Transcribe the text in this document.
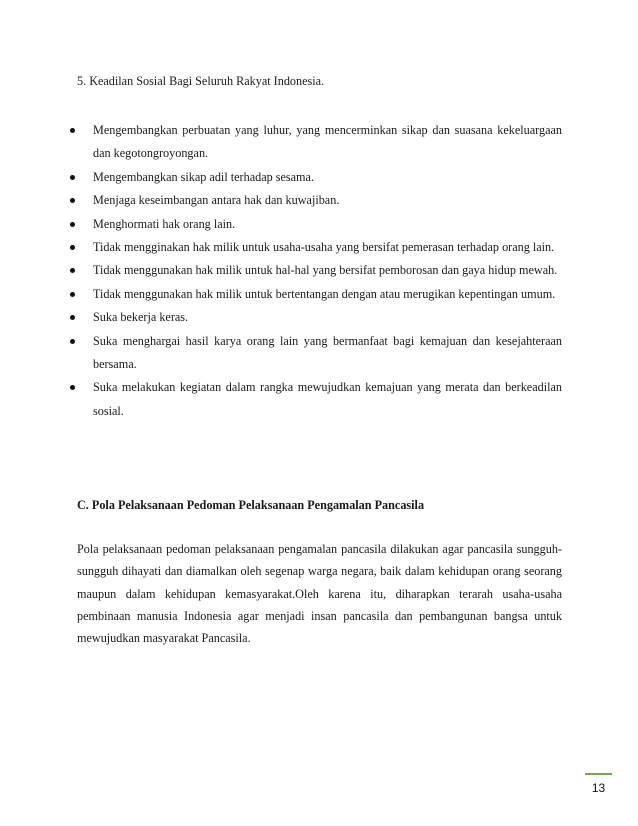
5. Keadilan Sosial Bagi Seluruh Rakyat Indonesia.

Mengembangkan perbuatan yang luhur, yang mencerminkan sikap dan suasana kekeluargaan dan kegotongroyongan.
Mengembangkan sikap adil terhadap sesama.
Menjaga keseimbangan antara hak dan kuwajiban.
Menghormati hak orang lain.
Tidak mengginakan hak milik untuk usaha-usaha yang bersifat pemerasan terhadap orang lain.
Tidak menggunakan hak milik untuk hal-hal yang bersifat pemborosan dan gaya hidup mewah.
Tidak menggunakan hak milik untuk bertentangan dengan atau merugikan kepentingan umum.
Suka bekerja keras.
Suka menghargai hasil karya orang lain yang bermanfaat bagi kemajuan dan kesejahteraan bersama.
Suka melakukan kegiatan dalam rangka mewujudkan kemajuan yang merata dan berkeadilan sosial.

C. Pola Pelaksanaan Pedoman Pelaksanaan Pengamalan Pancasila

Pola pelaksanaan pedoman pelaksanaan pengamalan pancasila dilakukan agar pancasila sungguh-sungguh dihayati dan diamalkan oleh segenap warga negara, baik dalam kehidupan orang seorang maupun dalam kehidupan kemasyarakat.Oleh karena itu, diharapkan terarah usaha-usaha pembinaan manusia Indonesia agar menjadi insan pancasila dan pembangunan bangsa untuk mewujudkan masyarakat Pancasila.

13
